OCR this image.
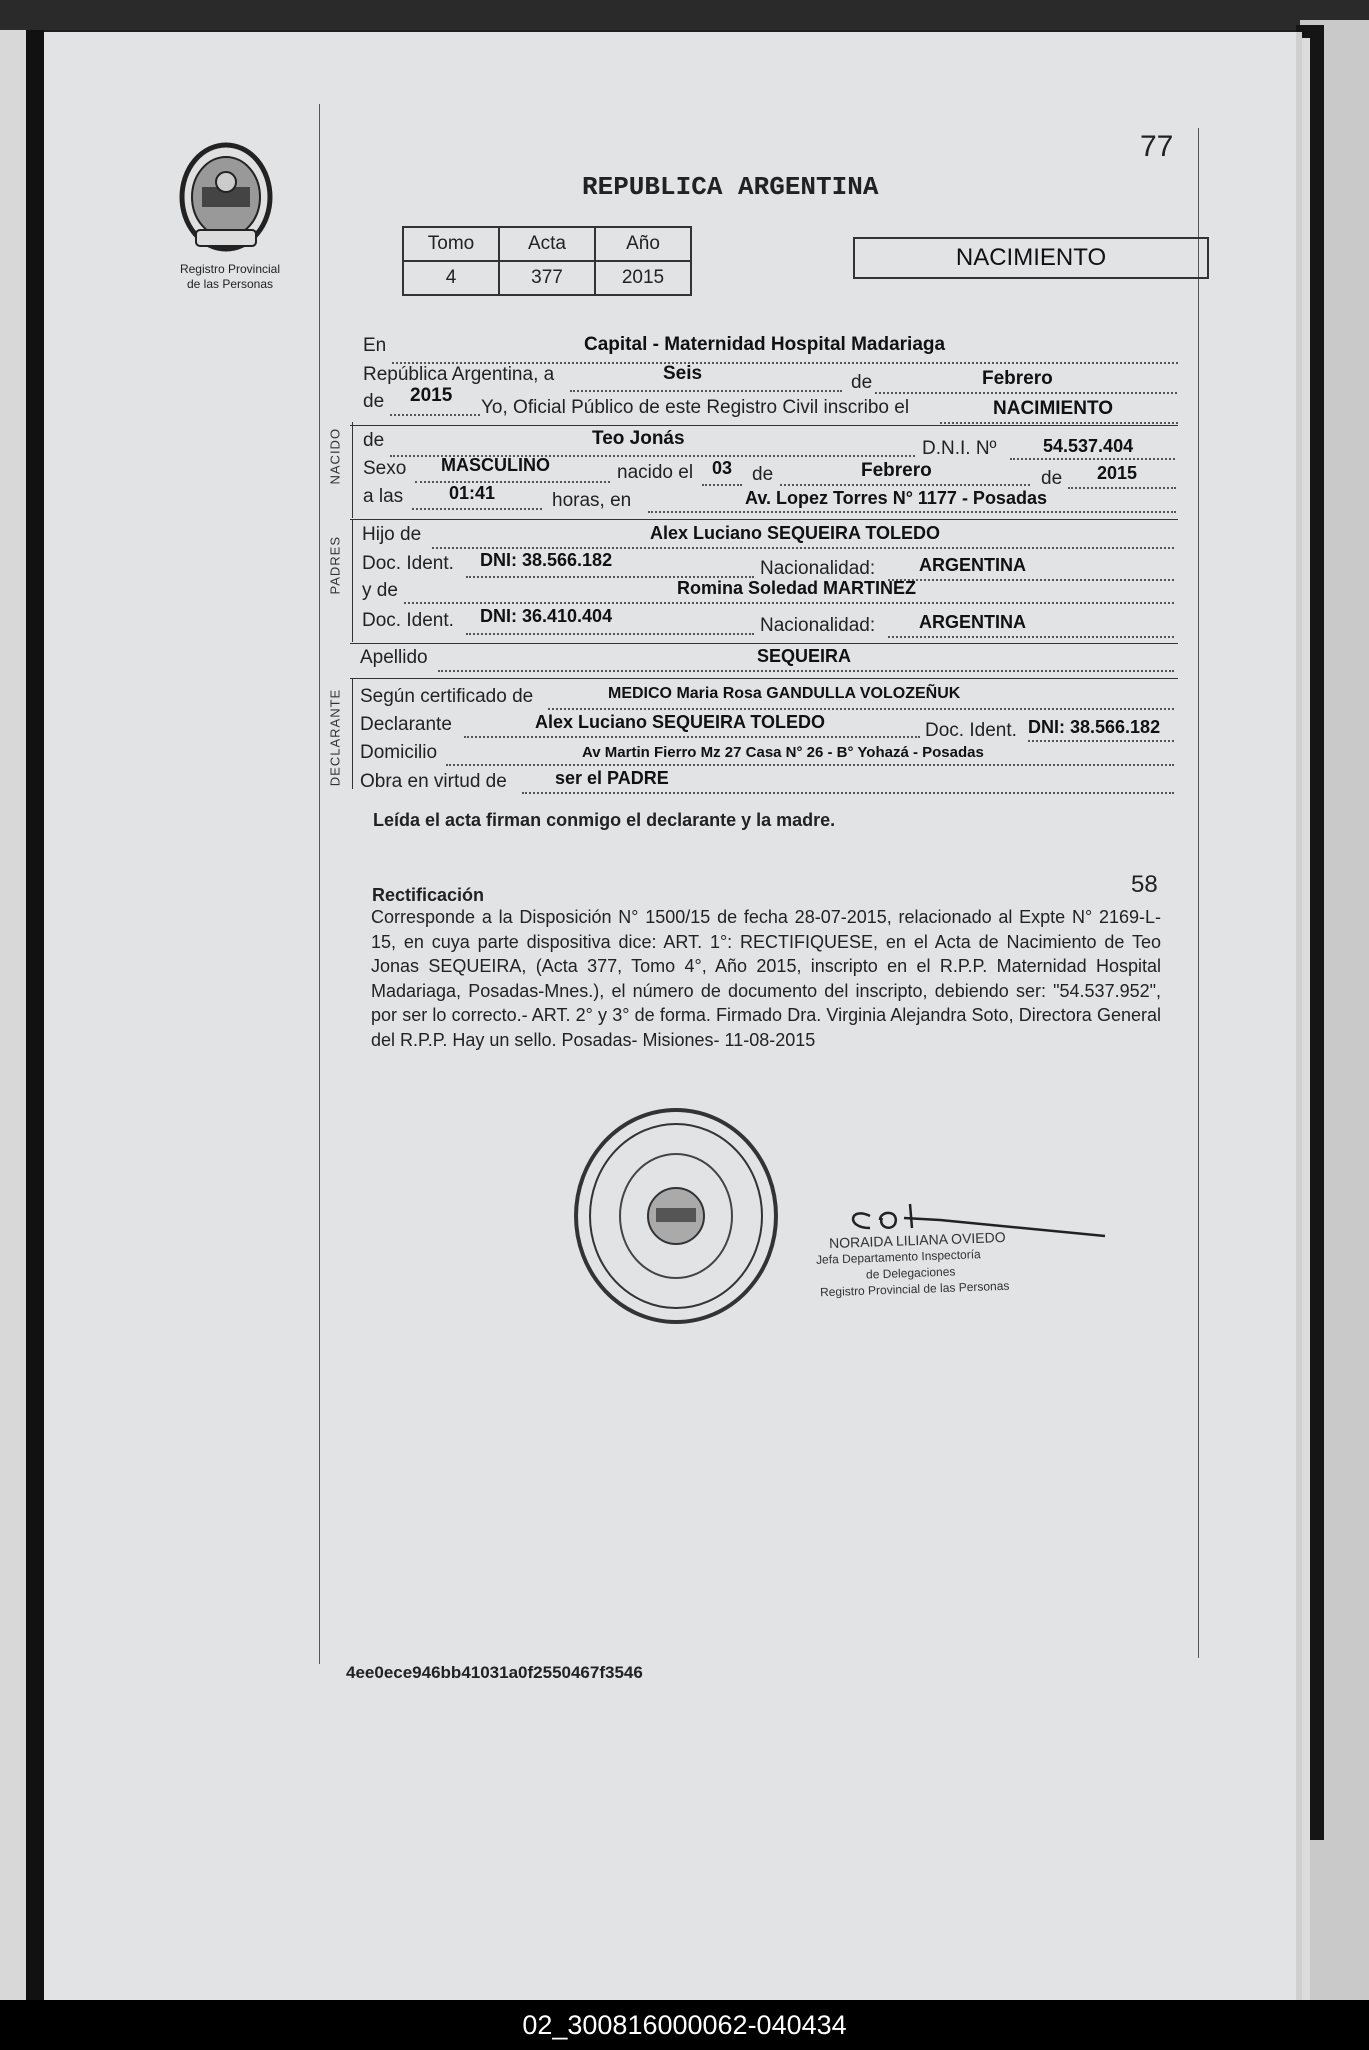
Registro Provincial
de las Personas
77
REPUBLICA ARGENTINA
Tomo	Acta	Año
4	377	2015
NACIMIENTO
En	Capital - Maternidad Hospital Madariaga
República Argentina, a	Seis	de	Febrero
de 2015
Yo, Oficial Público de este Registro Civil inscribo el	NACIMIENTO
NACIDO de	Teo Jonás	D.N.I. Nº	54.537.404
Sexo MASCULINO	nacido el 03 de	Febrero	de 2015
a las	01:41	horas, en	Av. Lopez Torres N° 1177 - Posadas
PADRES
Hijo de	Alex Luciano SEQUEIRA TOLEDO
Doc. Ident. DNI: 38.566.182	Nacionalidad: ARGENTINA
y de	Romina Soledad MARTINEZ
Doc. Ident. DNI: 36.410.404	Nacionalidad: ARGENTINA
Apellido	SEQUEIRA
DECLARANTE Según certificado de	MEDICO Maria Rosa GANDULLA VOLOZEÑUK
Declarante	Alex Luciano SEQUEIRA TOLEDO	Doc. Ident. DNI: 38.566.182
Domicilio	Av Martin Fierro Mz 27 Casa N° 26 - B° Yohazá - Posadas
Obra en virtud de	ser el PADRE
Leída el acta firman conmigo el declarante y la madre.
58
Rectificación
Corresponde a la Disposición N° 1500/15 de fecha 28-07-2015, relacionado al Expte N° 2169-L-15, en cuya parte dispositiva dice: ART. 1°: RECTIFIQUESE, en el Acta de Nacimiento de Teo Jonas SEQUEIRA, (Acta 377, Tomo 4°, Año 2015, inscripto en el R.P.P. Maternidad Hospital Madariaga, Posadas-Mnes.), el número de documento del inscripto, debiendo ser: "54.537.952", por ser lo correcto.- ART. 2° y 3° de forma. Firmado Dra. Virginia Alejandra Soto, Directora General del R.P.P. Hay un sello. Posadas- Misiones- 11-08-2015
NORAIDA LILIANA OVIEDO
Jefa Departamento Inspectoría
de Delegaciones
Registro Provincial de las Personas
4ee0ece946bb41031a0f2550467f3546
02_300816000062-040434
